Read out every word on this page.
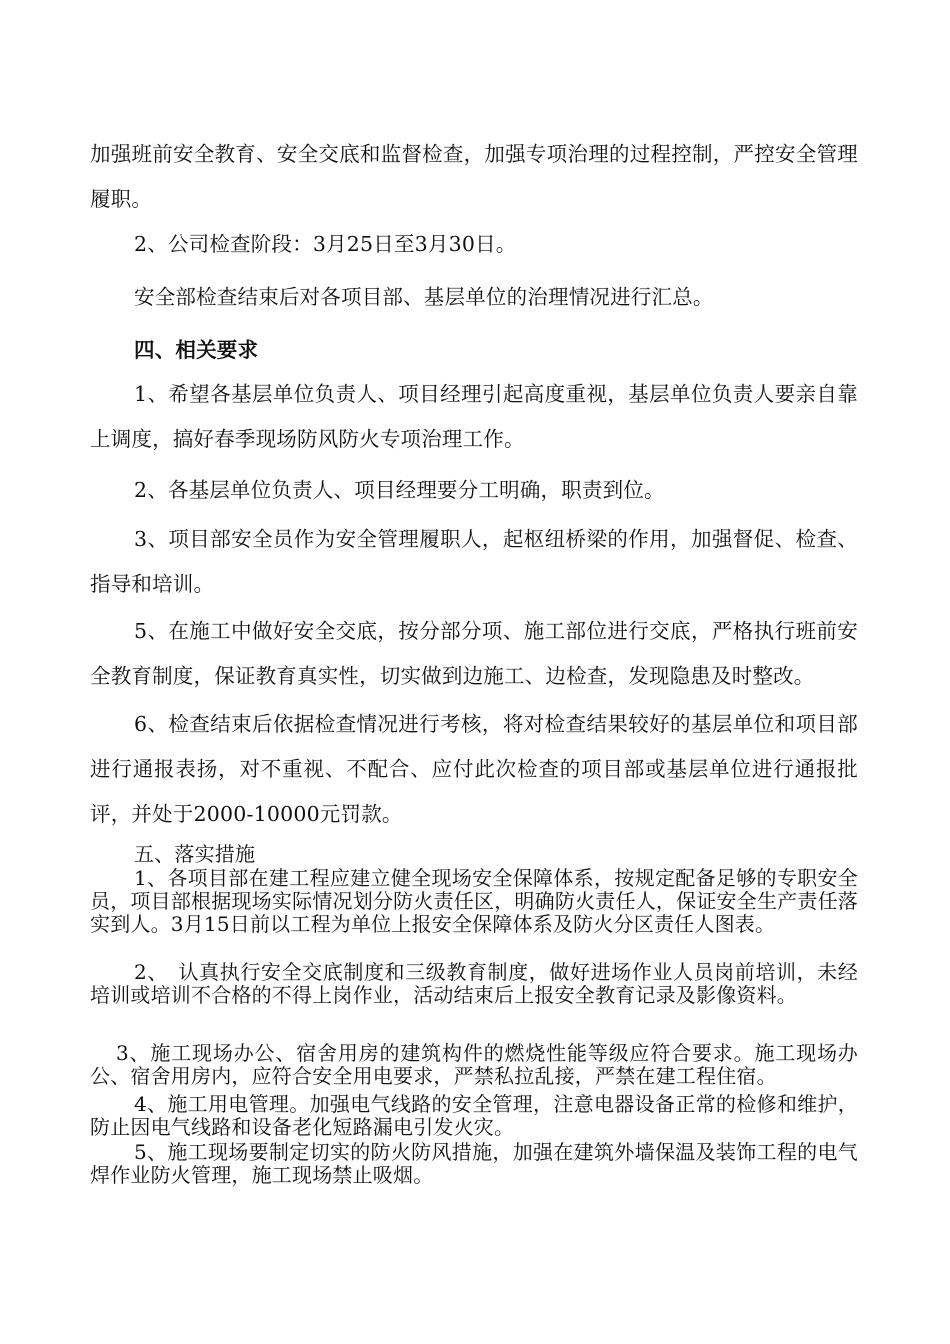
加强班前安全教育、安全交底和监督检查，加强专项治理的过程控制，严控安全管理履职。

2、公司检查阶段：3月25日至3月30日。

安全部检查结束后对各项目部、基层单位的治理情况进行汇总。

四、相关要求

1、希望各基层单位负责人、项目经理引起高度重视，基层单位负责人要亲自靠上调度，搞好春季现场防风防火专项治理工作。

2、各基层单位负责人、项目经理要分工明确，职责到位。

3、项目部安全员作为安全管理履职人，起枢纽桥梁的作用，加强督促、检查、指导和培训。

5、在施工中做好安全交底，按分部分项、施工部位进行交底，严格执行班前安全教育制度，保证教育真实性，切实做到边施工、边检查，发现隐患及时整改。

6、检查结束后依据检查情况进行考核，将对检查结果较好的基层单位和项目部进行通报表扬，对不重视、不配合、应付此次检查的项目部或基层单位进行通报批评，并处于2000-10000元罚款。

五、落实措施

1、各项目部在建工程应建立健全现场安全保障体系，按规定配备足够的专职安全员，项目部根据现场实际情况划分防火责任区，明确防火责任人，保证安全生产责任落实到人。3月15日前以工程为单位上报安全保障体系及防火分区责任人图表。

2、　认真执行安全交底制度和三级教育制度，做好进场作业人员岗前培训，未经培训或培训不合格的不得上岗作业，活动结束后上报安全教育记录及影像资料。

3、施工现场办公、宿舍用房的建筑构件的燃烧性能等级应符合要求。施工现场办公、宿舍用房内，应符合安全用电要求，严禁私拉乱接，严禁在建工程住宿。

4、施工用电管理。加强电气线路的安全管理，注意电器设备正常的检修和维护，防止因电气线路和设备老化短路漏电引发火灾。

5、施工现场要制定切实的防火防风措施，加强在建筑外墙保温及装饰工程的电气焊作业防火管理，施工现场禁止吸烟。
